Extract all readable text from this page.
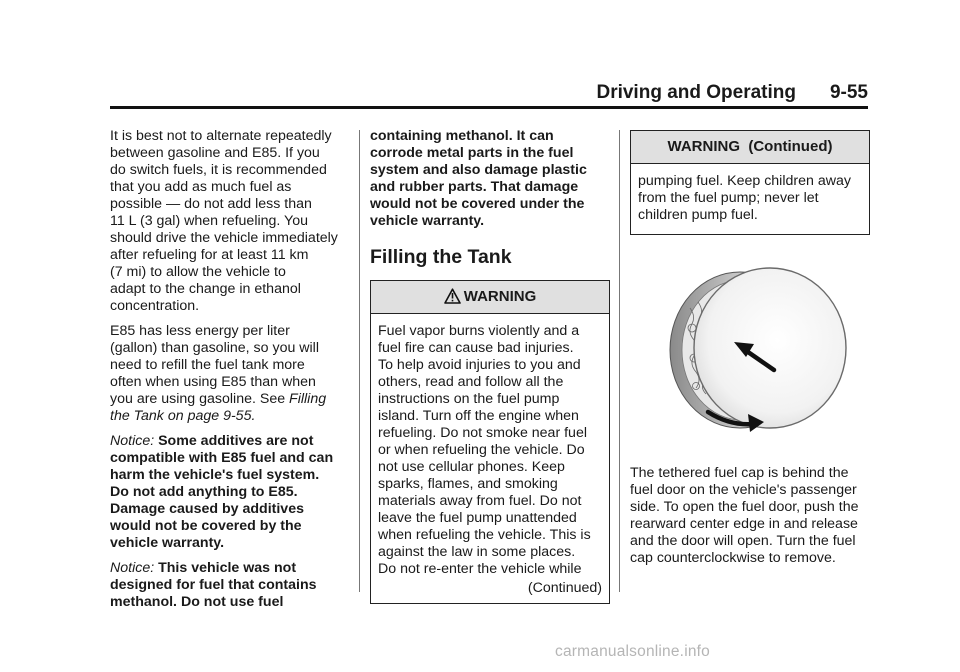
Driving and Operating 9-55

It is best not to alternate repeatedly
between gasoline and E85. If you
do switch fuels, it is recommended
that you add as much fuel as
possible — do not add less than
11 L (3 gal) when refueling. You
should drive the vehicle immediately
after refueling for at least 11 km
(7 mi) to allow the vehicle to
adapt to the change in ethanol
concentration.

E85 has less energy per liter
(gallon) than gasoline, so you will
need to refill the fuel tank more
often when using E85 than when
you are using gasoline. See Filling
the Tank on page 9-55.

Notice: Some additives are not
compatible with E85 fuel and can
harm the vehicle's fuel system.
Do not add anything to E85.
Damage caused by additives
would not be covered by the
vehicle warranty.

Notice: This vehicle was not
designed for fuel that contains
methanol. Do not use fuel

containing methanol. It can
corrode metal parts in the fuel
system and also damage plastic
and rubber parts. That damage
would not be covered under the
vehicle warranty.

Filling the Tank
WARNING
Fuel vapor burns violently and a
fuel fire can cause bad injuries.
To help avoid injuries to you and
others, read and follow all the
instructions on the fuel pump
island. Turn off the engine when
refueling. Do not smoke near fuel
or when refueling the vehicle. Do
not use cellular phones. Keep
sparks, flames, and smoking
materials away from fuel. Do not
leave the fuel pump unattended
when refueling the vehicle. This is
against the law in some places.
Do not re-enter the vehicle while
(Continued)
WARNING  (Continued)
pumping fuel. Keep children away
from the fuel pump; never let
children pump fuel.

The tethered fuel cap is behind the
fuel door on the vehicle's passenger
side. To open the fuel door, push the
rearward center edge in and release
and the door will open. Turn the fuel
cap counterclockwise to remove.

carmanualsonline.info
